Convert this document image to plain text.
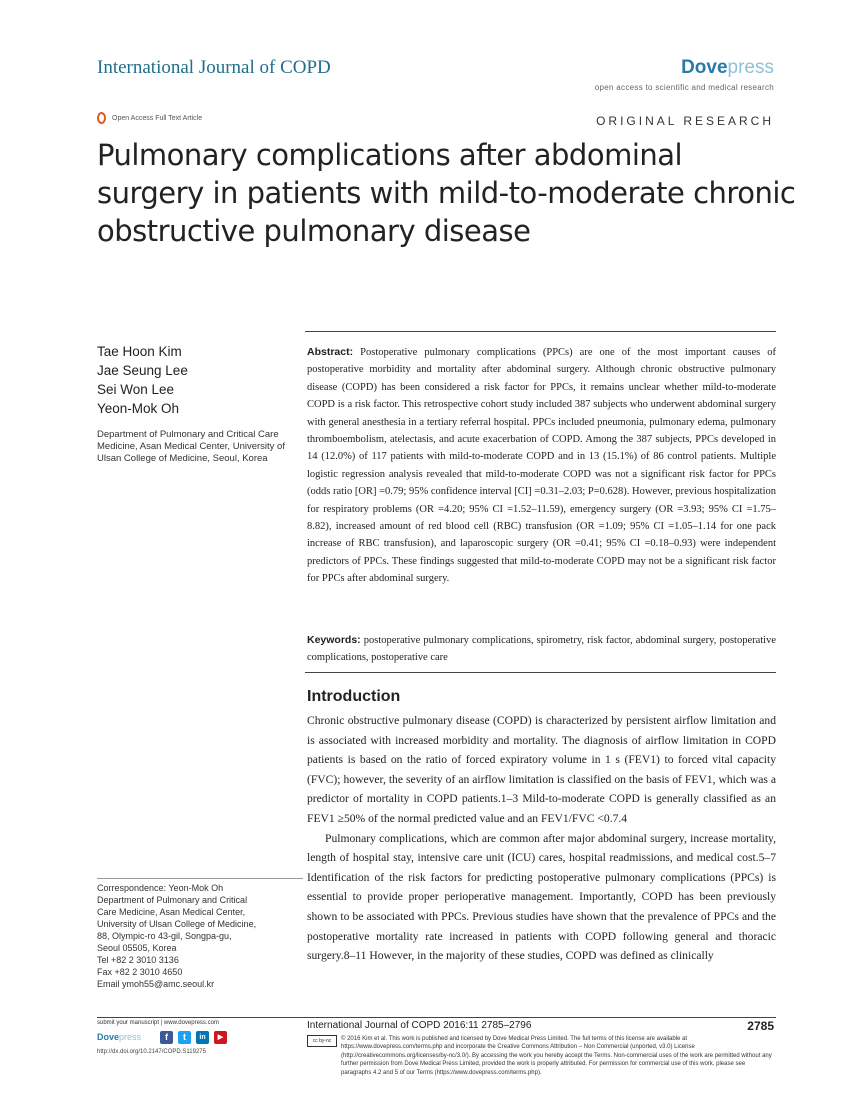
International Journal of COPD	Dovepress
open access to scientific and medical research
Open Access Full Text Article	ORIGINAL RESEARCH
Pulmonary complications after abdominal surgery in patients with mild-to-moderate chronic obstructive pulmonary disease
Tae Hoon Kim
Jae Seung Lee
Sei Won Lee
Yeon-Mok Oh
Department of Pulmonary and Critical Care Medicine, Asan Medical Center, University of Ulsan College of Medicine, Seoul, Korea
Abstract: Postoperative pulmonary complications (PPCs) are one of the most important causes of postoperative morbidity and mortality after abdominal surgery. Although chronic obstructive pulmonary disease (COPD) has been considered a risk factor for PPCs, it remains unclear whether mild-to-moderate COPD is a risk factor. This retrospective cohort study included 387 subjects who underwent abdominal surgery with general anesthesia in a tertiary referral hospital. PPCs included pneumonia, pulmonary edema, pulmonary thromboembolism, atelectasis, and acute exacerbation of COPD. Among the 387 subjects, PPCs developed in 14 (12.0%) of 117 patients with mild-to-moderate COPD and in 13 (15.1%) of 86 control patients. Multiple logistic regression analysis revealed that mild-to-moderate COPD was not a significant risk factor for PPCs (odds ratio [OR] =0.79; 95% confidence interval [CI] =0.31–2.03; P=0.628). However, previous hospitalization for respiratory problems (OR =4.20; 95% CI =1.52–11.59), emergency surgery (OR =3.93; 95% CI =1.75–8.82), increased amount of red blood cell (RBC) transfusion (OR =1.09; 95% CI =1.05–1.14 for one pack increase of RBC transfusion), and laparoscopic surgery (OR =0.41; 95% CI =0.18–0.93) were independent predictors of PPCs. These findings suggested that mild-to-moderate COPD may not be a significant risk factor for PPCs after abdominal surgery.
Keywords: postoperative pulmonary complications, spirometry, risk factor, abdominal surgery, postoperative complications, postoperative care
Introduction

Chronic obstructive pulmonary disease (COPD) is characterized by persistent airflow limitation and is associated with increased morbidity and mortality. The diagnosis of airflow limitation in COPD patients is based on the ratio of forced expiratory volume in 1 s (FEV1) to forced vital capacity (FVC); however, the severity of an airflow limitation is classified on the basis of FEV1, which was a predictor of mortality in COPD patients.1–3 Mild-to-moderate COPD is generally classified as an FEV1 ≥50% of the normal predicted value and an FEV1/FVC <0.7.4

Pulmonary complications, which are common after major abdominal surgery, increase mortality, length of hospital stay, intensive care unit (ICU) cares, hospital readmissions, and medical cost.5–7 Identification of the risk factors for predicting postoperative pulmonary complications (PPCs) is essential to provide proper perioperative management. Importantly, COPD has been previously shown to be associated with PPCs. Previous studies have shown that the prevalence of PPCs and the postoperative mortality rate increased in patients with COPD following general and thoracic surgery.8–11 However, in the majority of these studies, COPD was defined as clinically

Correspondence: Yeon-Mok Oh
Department of Pulmonary and Critical
Care Medicine, Asan Medical Center,
University of Ulsan College of Medicine,
88, Olympic-ro 43-gil, Songpa-gu,
Seoul 05505, Korea
Tel +82 2 3010 3136
Fax +82 2 3010 4650
Email ymoh55@amc.seoul.kr
submit your manuscript | www.dovepress.com
Dovepress	f	t	in	▶
http://dx.doi.org/10.2147/COPD.S119275
International Journal of COPD 2016:11 2785–2796	2785
cc by-nc	© 2016 Kim et al. This work is published and licensed by Dove Medical Press Limited. The full terms of this license are available at https://www.dovepress.com/terms.php and incorporate the Creative Commons Attribution – Non Commercial (unported, v3.0) License (http://creativecommons.org/licenses/by-nc/3.0/). By accessing the work you hereby accept the Terms. Non-commercial uses of the work are permitted without any further permission from Dove Medical Press Limited, provided the work is properly attributed. For permission for commercial use of this work, please see paragraphs 4.2 and 5 of our Terms (https://www.dovepress.com/terms.php).
